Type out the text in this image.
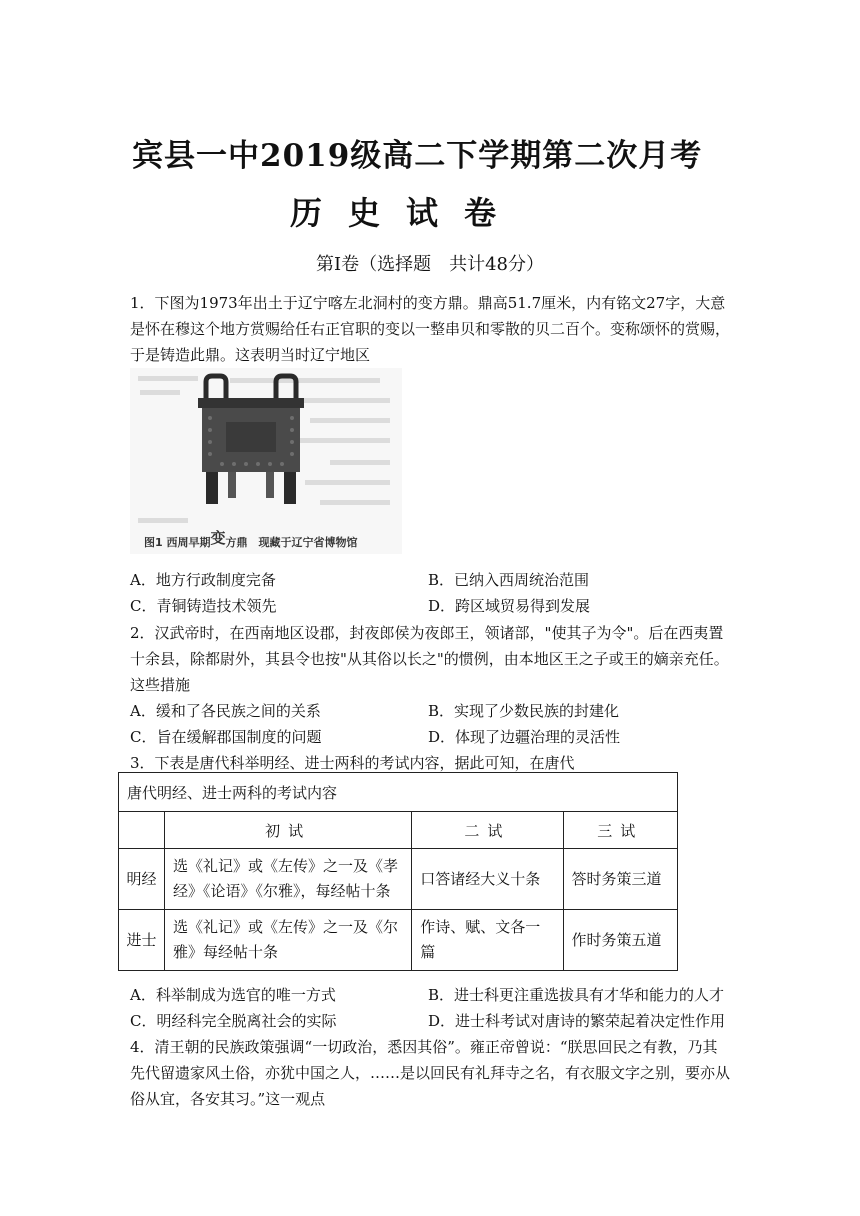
宾县一中2019级高二下学期第二次月考
历 史 试 卷
第Ⅰ卷（选择题　共计48分）

1．下图为1973年出土于辽宁喀左北洞村的变方鼎。鼎高51.7厘米，内有铭文27字，大意是怀在穆这个地方赏赐给任右正官职的变以一整串贝和零散的贝二百个。变称颂怀的赏赐，于是铸造此鼎。这表明当时辽宁地区

图1 西周早期变方鼎　现藏于辽宁省博物馆
A．地方行政制度完备	B．已纳入西周统治范围
C．青铜铸造技术领先	D．跨区域贸易得到发展

2．汉武帝时，在西南地区设郡，封夜郎侯为夜郎王，领诸部，"使其子为令"。后在西夷置十余县，除都尉外，其县令也按"从其俗以长之"的惯例，由本地区王之子或王的嫡亲充任。这些措施

A．缓和了各民族之间的关系	B．实现了少数民族的封建化
C．旨在缓解郡国制度的问题	D．体现了边疆治理的灵活性
3．下表是唐代科举明经、进士两科的考试内容，据此可知，在唐代
唐代明经、进士两科的考试内容			
	初试	二试	三试
明经	选《礼记》或《左传》之一及《孝经》《论语》《尔雅》，每经帖十条	口答诸经大义十条	答时务策三道
进士	选《礼记》或《左传》之一及《尔雅》每经帖十条	作诗、赋、文各一篇	作时务策五道
A．科举制成为选官的唯一方式	B．进士科更注重选拔具有才华和能力的人才
C．明经科完全脱离社会的实际	D．进士科考试对唐诗的繁荣起着决定性作用

4．清王朝的民族政策强调“一切政治，悉因其俗”。雍正帝曾说：“朕思回民之有教，乃其先代留遗家风土俗，亦犹中国之人，……是以回民有礼拜寺之名，有衣服文字之别，要亦从俗从宜，各安其习。”这一观点
